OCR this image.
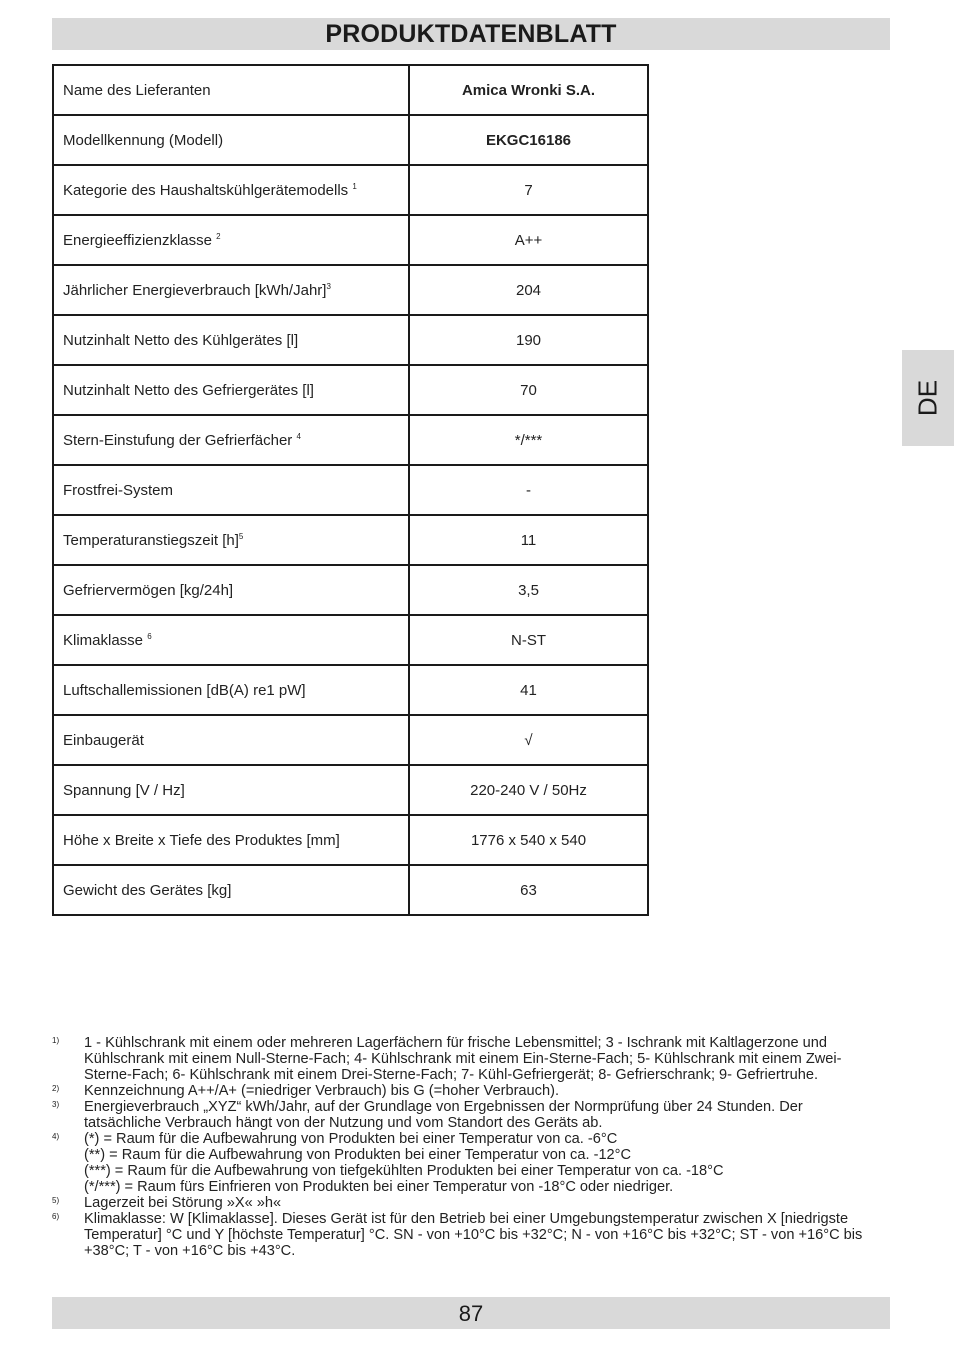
PRODUKTDATENBLATT
DE
Name des Lieferanten	Amica Wronki S.A.
Modellkennung (Modell)	EKGC16186
Kategorie des Haushaltskühlgerätemodells $^1$	7
Energieeffizienzklasse $^2$	A++
Jährlicher Energieverbrauch [kWh/Jahr]$^3$	204
Nutzinhalt Netto des Kühlgerätes [l]	190
Nutzinhalt Netto des Gefriergerätes [l]	70
Stern-Einstufung der Gefrierfächer $^4$	*/***
Frostfrei-System	-
Temperaturanstiegszeit $[h]^5$	11
Gefriervermögen [kg/24h]	3,5
Klimaklasse $^6$	N-ST
Luftschallemissionen [dB(A) re1 pW]	41
Einbaugerät	√
Spannung [V / Hz]	220-240 V / 50Hz
Höhe x Breite x Tiefe des Produktes [mm]	1776 x 540 x 540
Gewicht des Gerätes [kg]	63
1)	1 - Kühlschrank mit einem oder mehreren Lagerfächern für frische Lebensmittel; 3 - Ischrank mit Kaltlagerzone und Kühlschrank mit einem Null-Sterne-Fach; 4- Kühlschrank mit einem Ein-Sterne-Fach; 5- Kühlschrank mit einem Zwei-Sterne-Fach; 6- Kühlschrank mit einem Drei-Sterne-Fach; 7- Kühl-Gefriergerät; 8- Gefrierschrank; 9- Gefriertruhe.
2)	Kennzeichnung A++/A+ (=niedriger Verbrauch) bis G (=hoher Verbrauch).
3)	Energieverbrauch „XYZ“ kWh/Jahr, auf der Grundlage von Ergebnissen der Normprüfung über 24 Stunden. Der tatsächliche Verbrauch hängt von der Nutzung und vom Standort des Geräts ab.
4)	(*) = Raum für die Aufbewahrung von Produkten bei einer Temperatur von ca. -6°C
(**) = Raum für die Aufbewahrung von Produkten bei einer Temperatur von ca. -12°C
(***) = Raum für die Aufbewahrung von tiefgekühlten Produkten bei einer Temperatur von ca. -18°C
(*/***) = Raum fürs Einfrieren von Produkten bei einer Temperatur von -18°C oder niedriger.
5)	Lagerzeit bei Störung »X« »h«
6)	Klimaklasse: W [Klimaklasse]. Dieses Gerät ist für den Betrieb bei einer Umgebungstemperatur zwischen X [niedrigste Temperatur] °C und Y [höchste Temperatur] °C. SN - von +10°C bis +32°C; N - von +16°C bis +32°C; ST - von +16°C bis +38°C; T - von +16°C bis +43°C.
87
